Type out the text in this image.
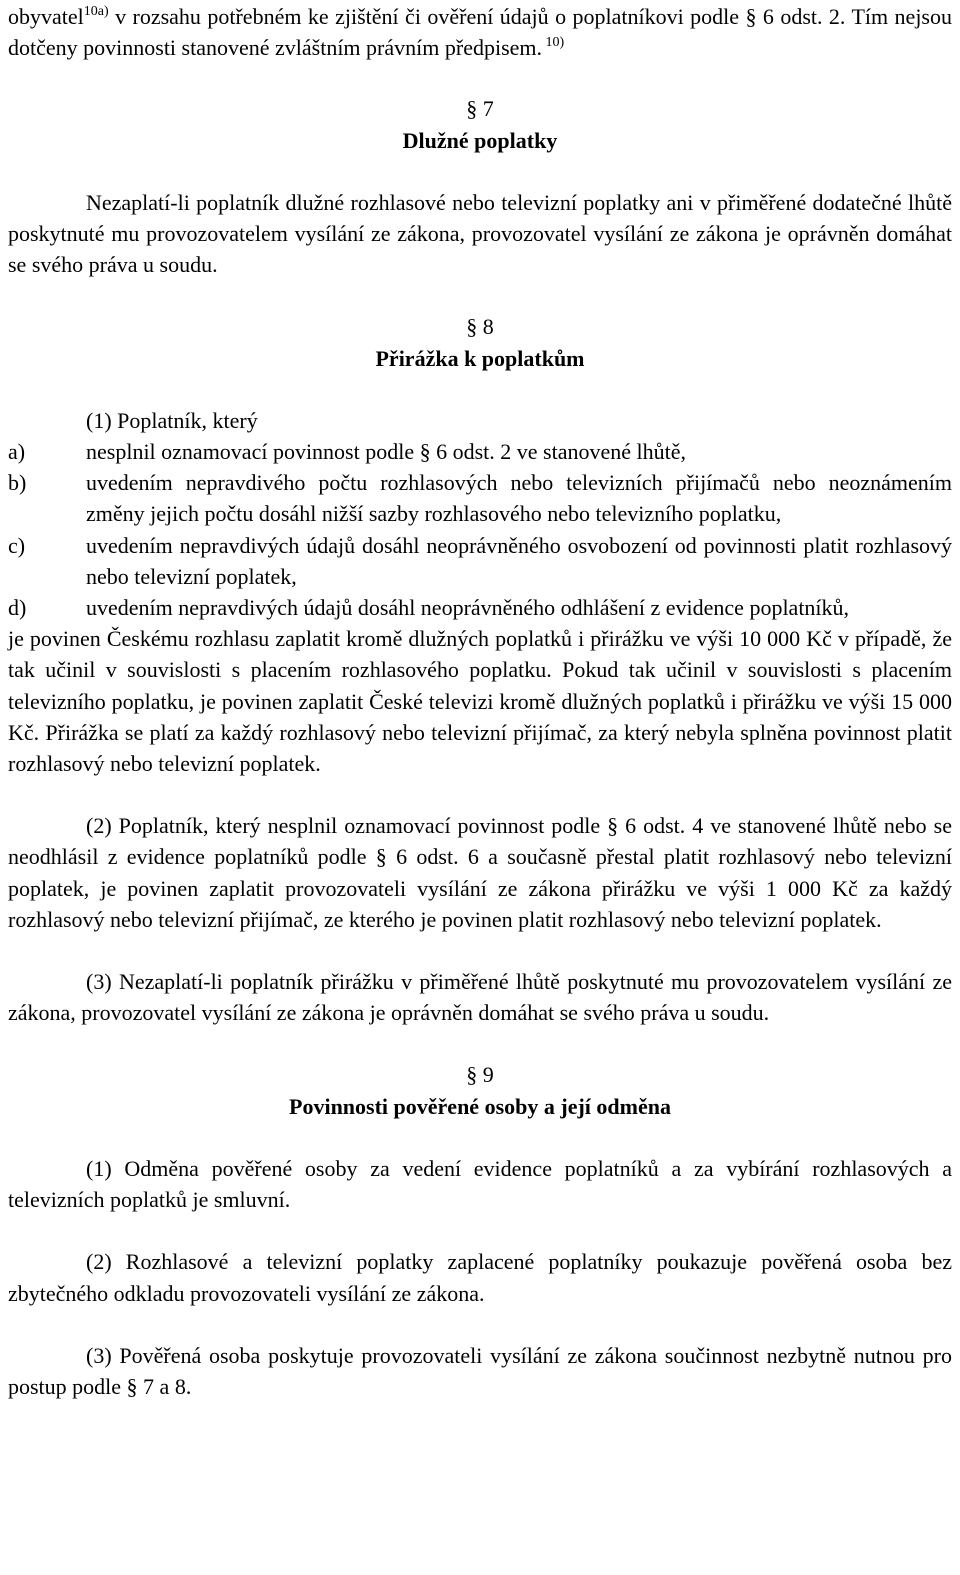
obyvatel$^{10a)}$ v rozsahu potřebném ke zjištění či ověření údajů o poplatníkovi podle § 6 odst. 2. Tím nejsou dotčeny povinnosti stanovené zvláštním právním předpisem. $^{10)}$

§ 7

Dlužné poplatky

Nezaplatí-li poplatník dlužné rozhlasové nebo televizní poplatky ani v přiměřené dodatečné lhůtě poskytnuté mu provozovatelem vysílání ze zákona, provozovatel vysílání ze zákona je oprávněn domáhat se svého práva u soudu.

§ 8

Přirážka k poplatkům

(1) Poplatník, který

a)	nesplnil oznamovací povinnost podle § 6 odst. 2 ve stanovené lhůtě,
b)	uvedením nepravdivého počtu rozhlasových nebo televizních přijímačů nebo neoznámením změny jejich počtu dosáhl nižší sazby rozhlasového nebo televizního poplatku,
c)	uvedením nepravdivých údajů dosáhl neoprávněného osvobození od povinnosti platit rozhlasový nebo televizní poplatek,
d)	uvedením nepravdivých údajů dosáhl neoprávněného odhlášení z evidence poplatníků,

je povinen Českému rozhlasu zaplatit kromě dlužných poplatků i přirážku ve výši 10 000 Kč v případě, že tak učinil v souvislosti s placením rozhlasového poplatku. Pokud tak učinil v souvislosti s placením televizního poplatku, je povinen zaplatit České televizi kromě dlužných poplatků i přirážku ve výši 15 000 Kč. Přirážka se platí za každý rozhlasový nebo televizní přijímač, za který nebyla splněna povinnost platit rozhlasový nebo televizní poplatek.

(2) Poplatník, který nesplnil oznamovací povinnost podle § 6 odst. 4 ve stanovené lhůtě nebo se neodhlásil z evidence poplatníků podle § 6 odst. 6 a současně přestal platit rozhlasový nebo televizní poplatek, je povinen zaplatit provozovateli vysílání ze zákona přirážku ve výši 1 000 Kč za každý rozhlasový nebo televizní přijímač, ze kterého je povinen platit rozhlasový nebo televizní poplatek.

(3) Nezaplatí-li poplatník přirážku v přiměřené lhůtě poskytnuté mu provozovatelem vysílání ze zákona, provozovatel vysílání ze zákona je oprávněn domáhat se svého práva u soudu.

§ 9

Povinnosti pověřené osoby a její odměna

(1) Odměna pověřené osoby za vedení evidence poplatníků a za vybírání rozhlasových a televizních poplatků je smluvní.

(2) Rozhlasové a televizní poplatky zaplacené poplatníky poukazuje pověřená osoba bez zbytečného odkladu provozovateli vysílání ze zákona.

(3) Pověřená osoba poskytuje provozovateli vysílání ze zákona součinnost nezbytně nutnou pro postup podle § 7 a 8.
